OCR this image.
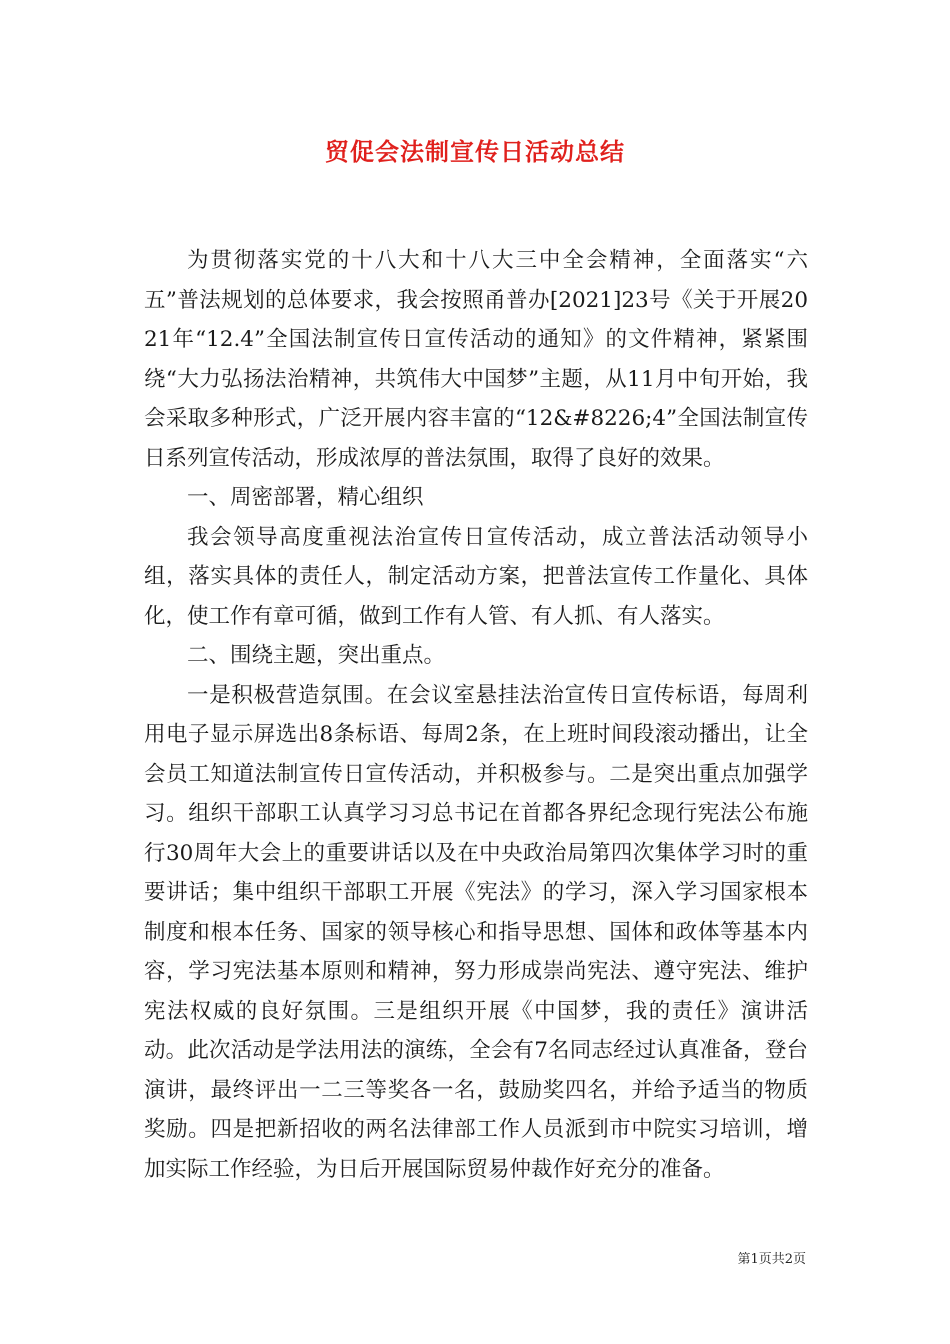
贸促会法制宣传日活动总结

为贯彻落实党的十八大和十八大三中全会精神，全面落实“六五”普法规划的总体要求，我会按照甬普办[2021]23号《关于开展2021年“12.4”全国法制宣传日宣传活动的通知》的文件精神，紧紧围绕“大力弘扬法治精神，共筑伟大中国梦”主题，从11月中旬开始，我会采取多种形式，广泛开展内容丰富的“12&#8226;4”全国法制宣传日系列宣传活动，形成浓厚的普法氛围，取得了良好的效果。

一、周密部署，精心组织

我会领导高度重视法治宣传日宣传活动，成立普法活动领导小组，落实具体的责任人，制定活动方案，把普法宣传工作量化、具体化，使工作有章可循，做到工作有人管、有人抓、有人落实。

二、围绕主题，突出重点。

一是积极营造氛围。在会议室悬挂法治宣传日宣传标语，每周利用电子显示屏选出8条标语、每周2条，在上班时间段滚动播出，让全会员工知道法制宣传日宣传活动，并积极参与。二是突出重点加强学习。组织干部职工认真学习习总书记在首都各界纪念现行宪法公布施行30周年大会上的重要讲话以及在中央政治局第四次集体学习时的重要讲话；集中组织干部职工开展《宪法》的学习，深入学习国家根本制度和根本任务、国家的领导核心和指导思想、国体和政体等基本内容，学习宪法基本原则和精神，努力形成崇尚宪法、遵守宪法、维护宪法权威的良好氛围。三是组织开展《中国梦，我的责任》演讲活动。此次活动是学法用法的演练，全会有7名同志经过认真准备，登台演讲，最终评出一二三等奖各一名，鼓励奖四名，并给予适当的物质奖励。四是把新招收的两名法律部工作人员派到市中院实习培训，增加实际工作经验，为日后开展国际贸易仲裁作好充分的准备。

第1页共2页
